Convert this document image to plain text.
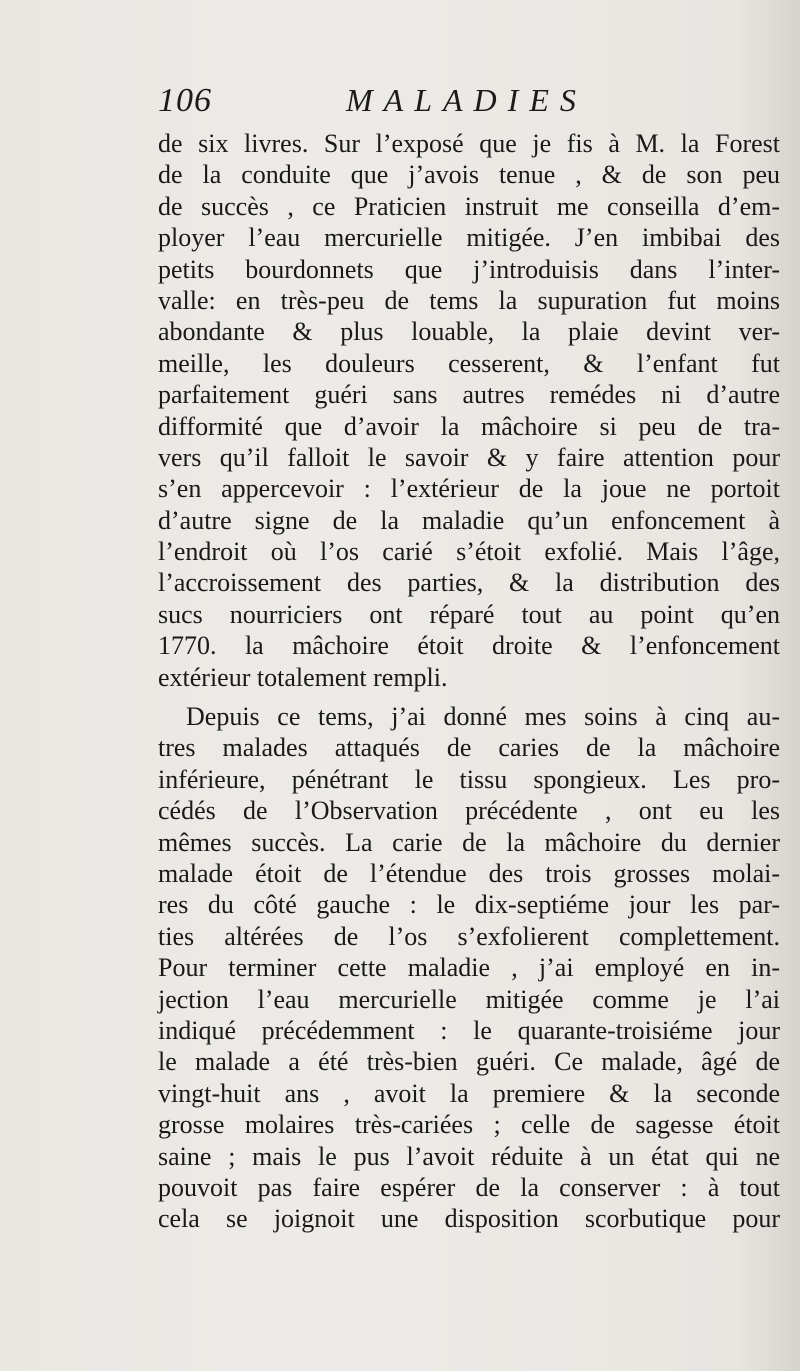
106	MALADIES
de six livres. Sur l’exposé que je fis à M. la Forest
de la conduite que j’avois tenue , & de son peu
de succès , ce Praticien instruit me conseilla d’em-
ployer l’eau mercurielle mitigée. J’en imbibai des
petits bourdonnets que j’introduisis dans l’inter-
valle: en très-peu de tems la supuration fut moins
abondante & plus louable, la plaie devint ver-
meille, les douleurs cesserent, & l’enfant fut
parfaitement guéri sans autres remédes ni d’autre
difformité que d’avoir la mâchoire si peu de tra-
vers qu’il falloit le savoir & y faire attention pour
s’en appercevoir : l’extérieur de la joue ne portoit
d’autre signe de la maladie qu’un enfoncement à
l’endroit où l’os carié s’étoit exfolié. Mais l’âge,
l’accroissement des parties, & la distribution des
sucs nourriciers ont réparé tout au point qu’en
1770. la mâchoire étoit droite & l’enfoncement
extérieur totalement rempli.
Depuis ce tems, j’ai donné mes soins à cinq au-
tres malades attaqués de caries de la mâchoire
inférieure, pénétrant le tissu spongieux. Les pro-
cédés de l’Observation précédente , ont eu les
mêmes succès. La carie de la mâchoire du dernier
malade étoit de l’étendue des trois grosses molai-
res du côté gauche : le dix-septiéme jour les par-
ties altérées de l’os s’exfolierent complettement.
Pour terminer cette maladie , j’ai employé en in-
jection l’eau mercurielle mitigée comme je l’ai
indiqué précédemment : le quarante-troisiéme jour
le malade a été très-bien guéri. Ce malade, âgé de
vingt-huit ans , avoit la premiere & la seconde
grosse molaires très-cariées ; celle de sagesse étoit
saine ; mais le pus l’avoit réduite à un état qui ne
pouvoit pas faire espérer de la conserver : à tout
cela se joignoit une disposition scorbutique pour
